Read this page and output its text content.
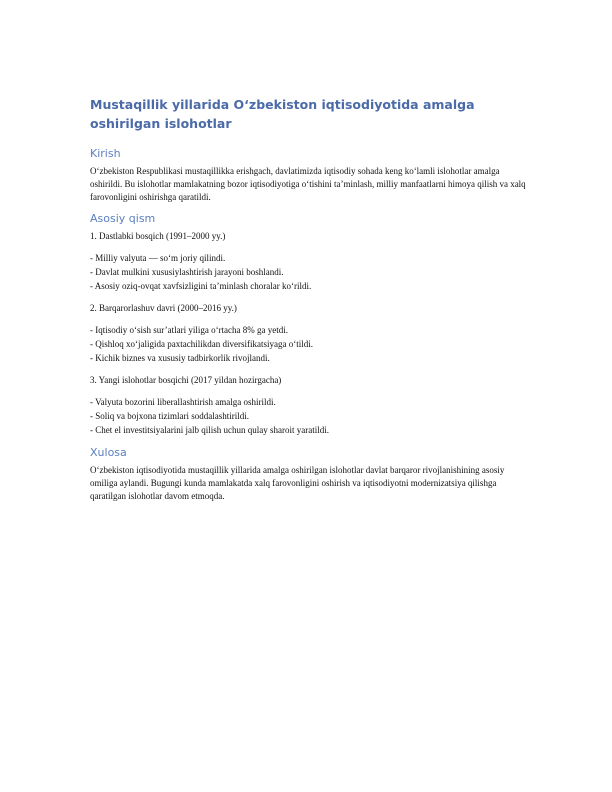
Mustaqillik yillarida O‘zbekiston iqtisodiyotida amalga oshirilgan islohotlar
Kirish

O‘zbekiston Respublikasi mustaqillikka erishgach, davlatimizda iqtisodiy sohada keng ko‘lamli islohotlar amalga oshirildi. Bu islohotlar mamlakatning bozor iqtisodiyotiga o‘tishini ta’minlash, milliy manfaatlarni himoya qilish va xalq farovonligini oshirishga qaratildi.

Asosiy qism

1. Dastlabki bosqich (1991–2000 yy.)

- Milliy valyuta — so‘m joriy qilindi.
- Davlat mulkini xususiylashtirish jarayoni boshlandi.
- Asosiy oziq-ovqat xavfsizligini ta’minlash choralar ko‘rildi.

2. Barqarorlashuv davri (2000–2016 yy.)

- Iqtisodiy o‘sish sur’atlari yiliga o‘rtacha 8% ga yetdi.
- Qishloq xo‘jaligida paxtachilikdan diversifikatsiyaga o‘tildi.
- Kichik biznes va xususiy tadbirkorlik rivojlandi.

3. Yangi islohotlar bosqichi (2017 yildan hozirgacha)

- Valyuta bozorini liberallashtirish amalga oshirildi.
- Soliq va bojxona tizimlari soddalashtirildi.
- Chet el investitsiyalarini jalb qilish uchun qulay sharoit yaratildi.
Xulosa

O‘zbekiston iqtisodiyotida mustaqillik yillarida amalga oshirilgan islohotlar davlat barqaror rivojlanishining asosiy omiliga aylandi. Bugungi kunda mamlakatda xalq farovonligini oshirish va iqtisodiyotni modernizatsiya qilishga qaratilgan islohotlar davom etmoqda.
